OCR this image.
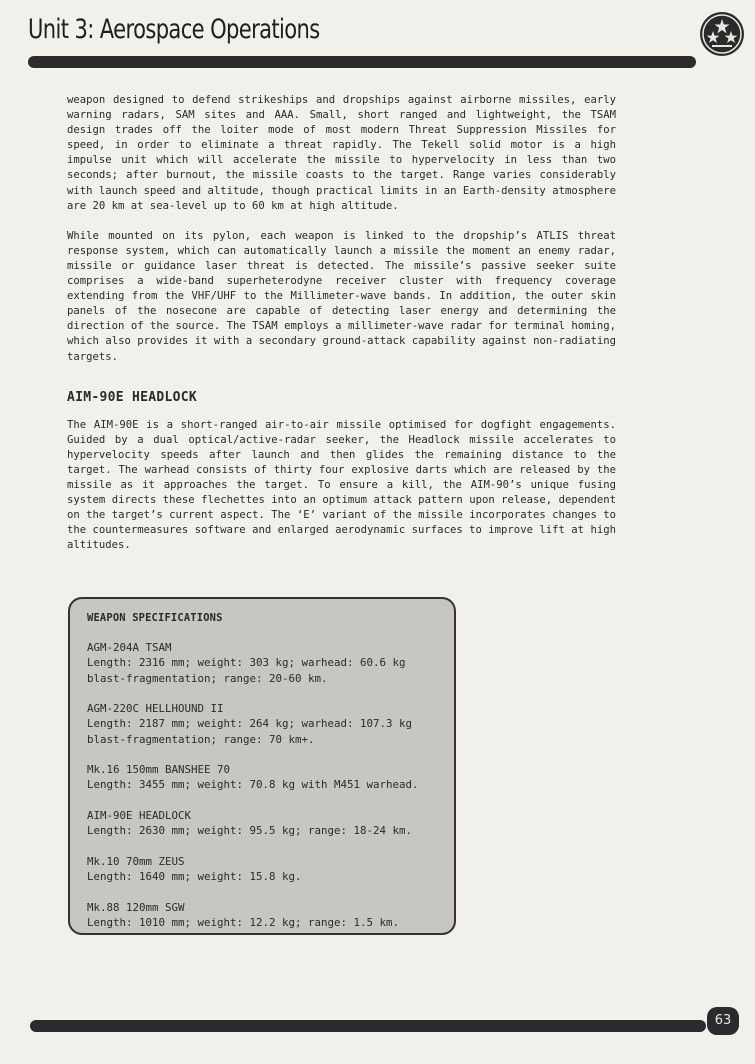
Unit 3: Aerospace Operations

weapon designed to defend strikeships and dropships against airborne missiles, early warning radars, SAM sites and AAA. Small, short ranged and lightweight, the TSAM design trades off the loiter mode of most modern Threat Suppression Missiles for speed, in order to eliminate a threat rapidly. The Tekell solid motor is a high impulse unit which will accelerate the missile to hypervelocity in less than two seconds; after burnout, the missile coasts to the target. Range varies considerably with launch speed and altitude, though practical limits in an Earth-density atmosphere are 20 km at sea-level up to 60 km at high altitude.

While mounted on its pylon, each weapon is linked to the dropship’s ATLIS threat response system, which can automatically launch a missile the moment an enemy radar, missile or guidance laser threat is detected. The missile’s passive seeker suite comprises a wide-band superheterodyne receiver cluster with frequency coverage extending from the VHF/UHF to the Millimeter-wave bands. In addition, the outer skin panels of the nosecone are capable of detecting laser energy and determining the direction of the source. The TSAM employs a millimeter-wave radar for terminal homing, which also provides it with a secondary ground-attack capability against non-radiating targets.

AIM-90E HEADLOCK

The AIM-90E is a short-ranged air-to-air missile optimised for dogfight engagements. Guided by a dual optical/active-radar seeker, the Headlock missile accelerates to hypervelocity speeds after launch and then glides the remaining distance to the target. The warhead consists of thirty four explosive darts which are released by the missile as it approaches the target. To ensure a kill, the AIM-90’s unique fusing system directs these flechettes into an optimum attack pattern upon release, dependent on the target’s current aspect. The ‘E’ variant of the missile incorporates changes to the countermeasures software and enlarged aerodynamic surfaces to improve lift at high altitudes.

WEAPON SPECIFICATIONS
AGM-204A TSAM
Length: 2316 mm; weight: 303 kg; warhead: 60.6 kg
blast-fragmentation; range: 20-60 km.
AGM-220C HELLHOUND II
Length: 2187 mm; weight: 264 kg; warhead: 107.3 kg
blast-fragmentation; range: 70 km+.
Mk.16 150mm BANSHEE 70
Length: 3455 mm; weight: 70.8 kg with M451 warhead.
AIM-90E HEADLOCK
Length: 2630 mm; weight: 95.5 kg; range: 18-24 km.
Mk.10 70mm ZEUS
Length: 1640 mm; weight: 15.8 kg.
Mk.88 120mm SGW
Length: 1010 mm; weight: 12.2 kg; range: 1.5 km.
63
